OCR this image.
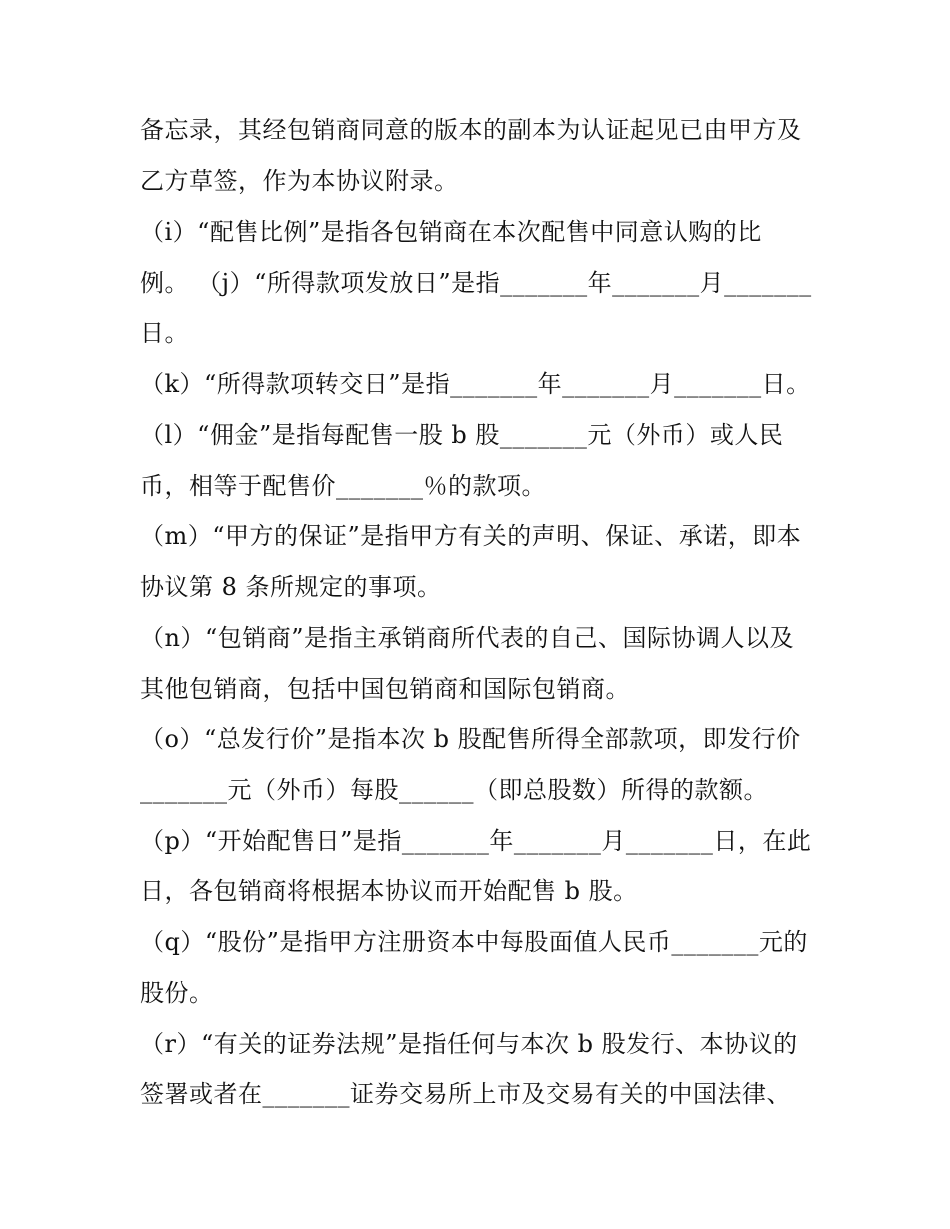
备忘录，其经包销商同意的版本的副本为认证起见已由甲方及
乙方草签，作为本协议附录。
（i）“配售比例”是指各包销商在本次配售中同意认购的比
例。 （j）“所得款项发放日”是指_______年_______月_______
日。
（k）“所得款项转交日”是指_______年_______月_______日。
（l）“佣金”是指每配售一股 b 股_______元（外币）或人民
币，相等于配售价_______％的款项。
（m）“甲方的保证”是指甲方有关的声明、保证、承诺，即本
协议第 8 条所规定的事项。
（n）“包销商”是指主承销商所代表的自己、国际协调人以及
其他包销商，包括中国包销商和国际包销商。
（o）“总发行价”是指本次 b 股配售所得全部款项，即发行价
_______元（外币）每股______（即总股数）所得的款额。
（p）“开始配售日”是指_______年_______月_______日，在此
日，各包销商将根据本协议而开始配售 b 股。
（q）“股份”是指甲方注册资本中每股面值人民币_______元的
股份。
（r）“有关的证券法规”是指任何与本次 b 股发行、本协议的
签署或者在_______证券交易所上市及交易有关的中国法律、
